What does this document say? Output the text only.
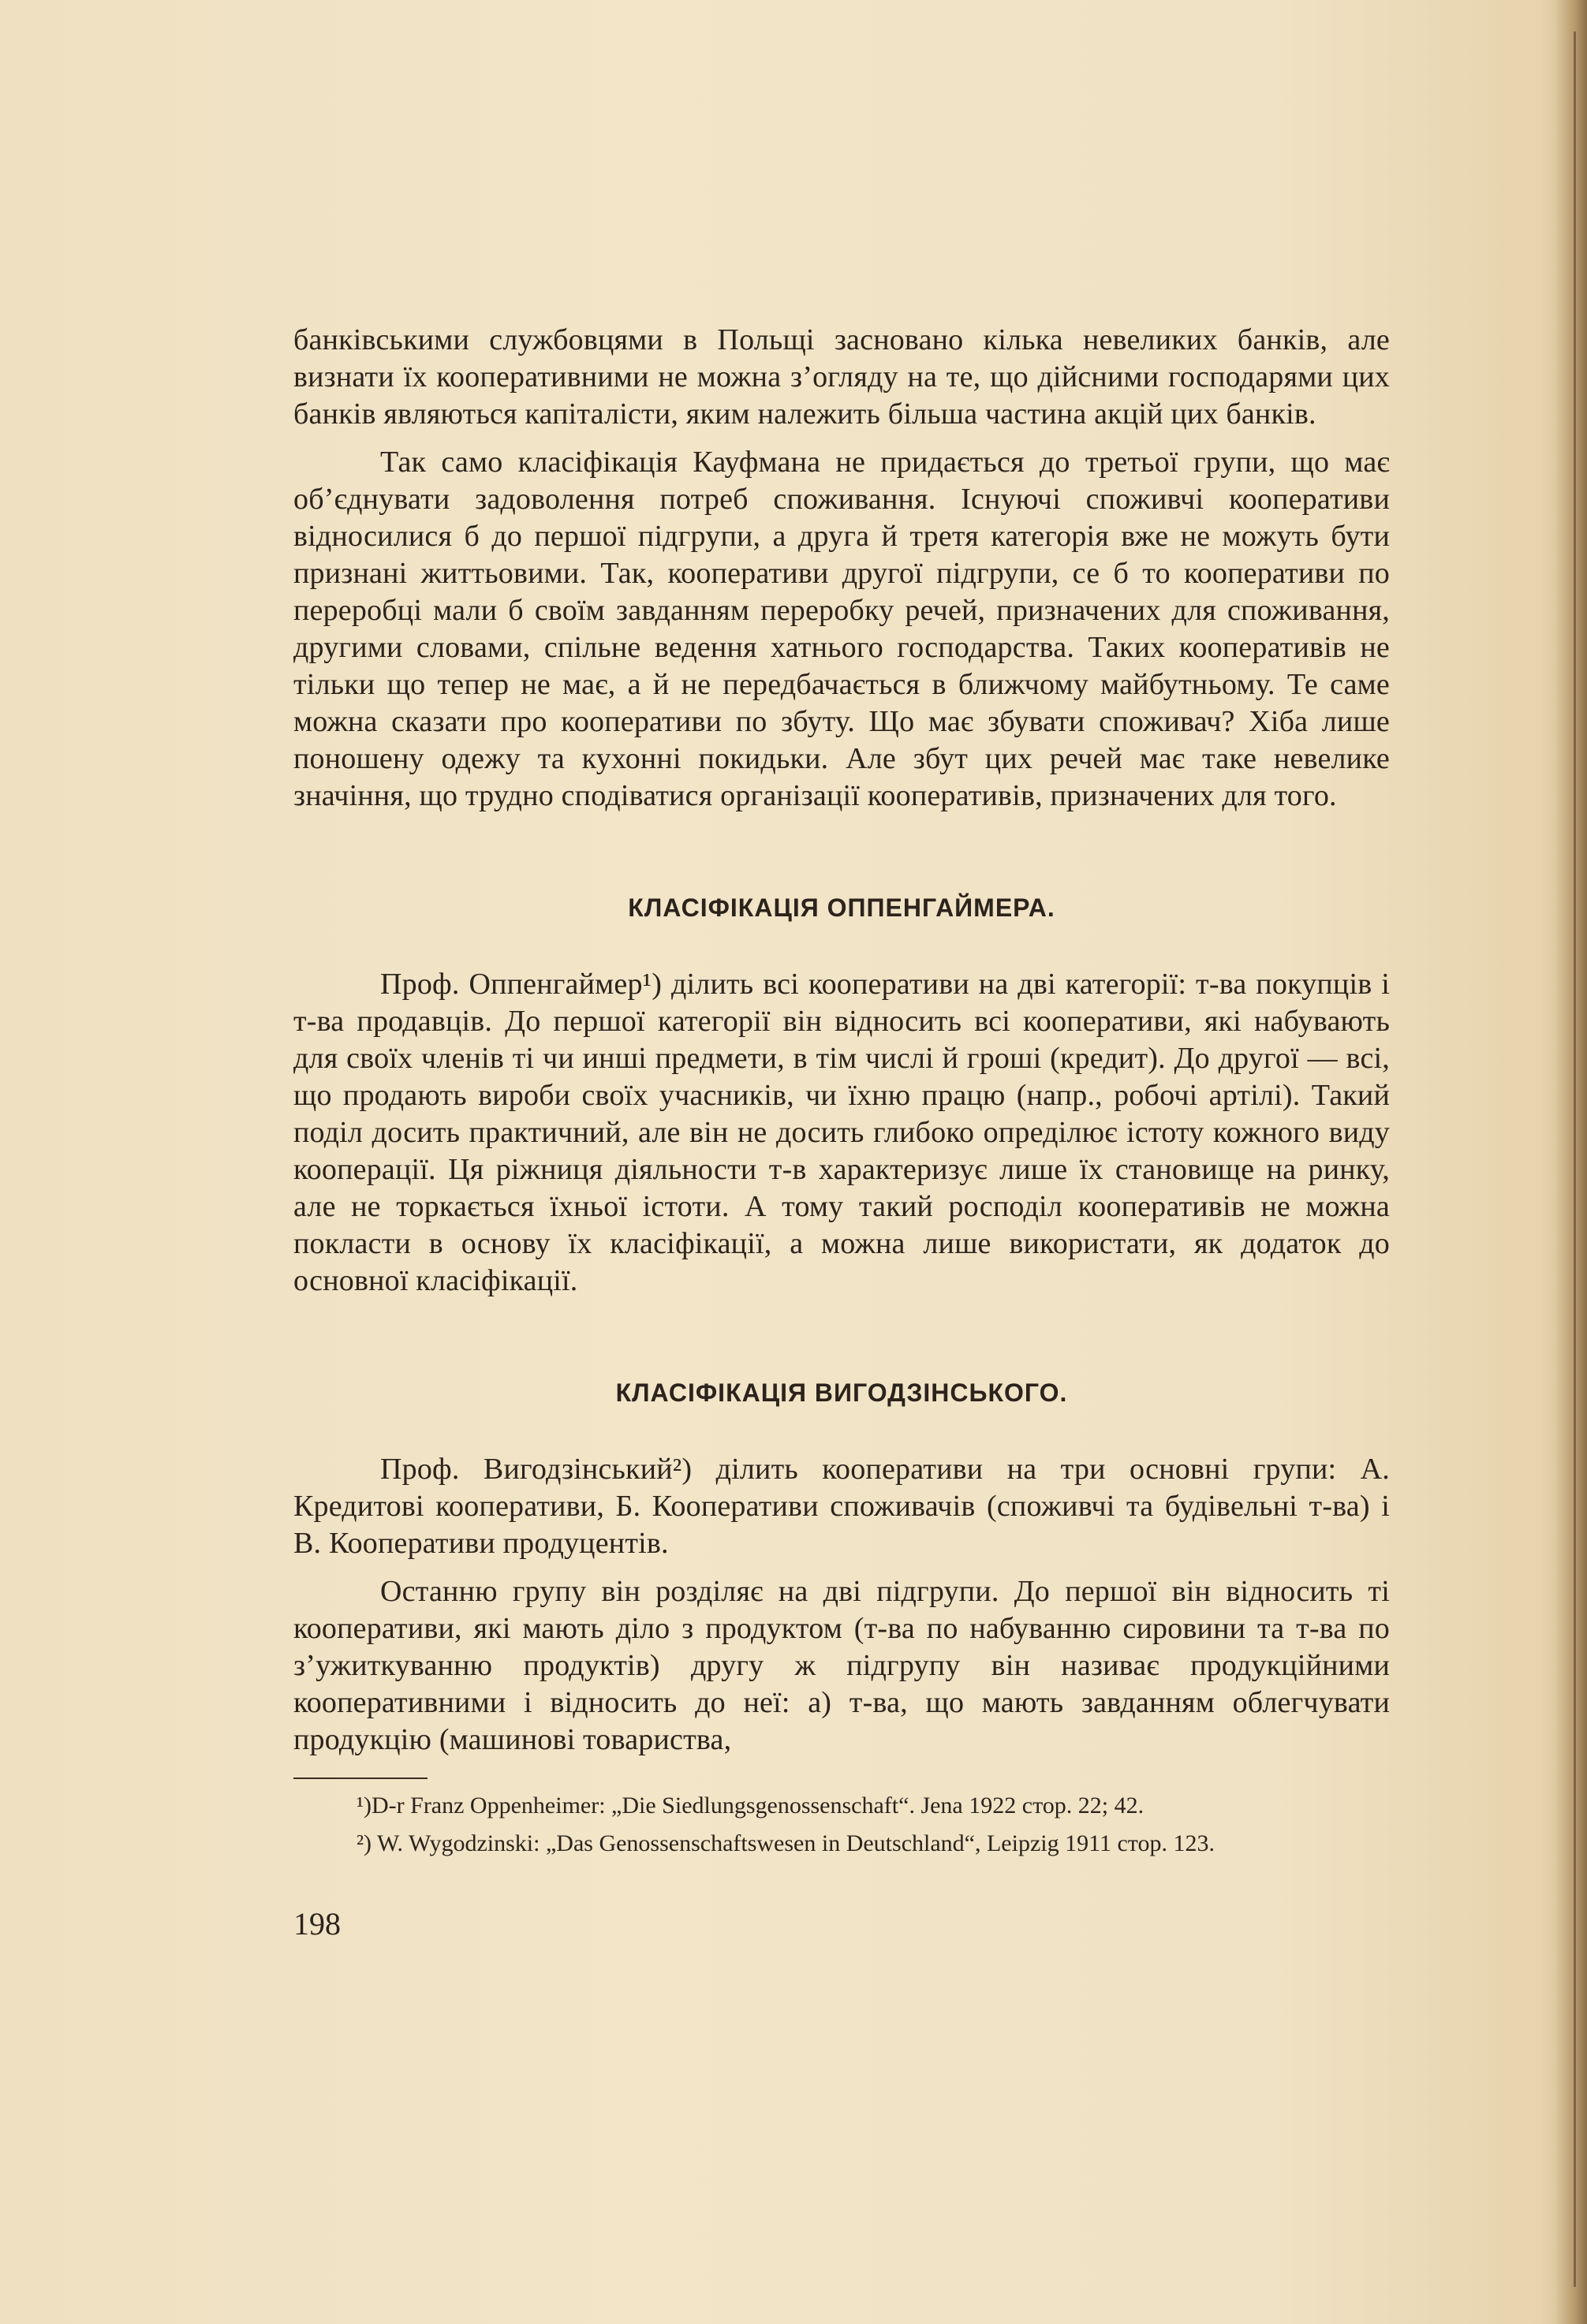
банківськими службовцями в Польщі засновано кілька невеликих банків, але визнати їх кооперативними не можна з’огляду на те, що дійсними господарями цих банків являються капіталісти, яким належить більша частина акцій цих банків.

Так само класіфікація Кауфмана не придається до третьої групи, що має об’єднувати задоволення потреб споживання. Існуючі споживчі кооперативи відносилися б до першої підгрупи, а друга й третя категорія вже не можуть бути признані життьовими. Так, кооперативи другої підгрупи, се б то кооперативи по переробці мали б своїм завданням переробку речей, призначених для споживання, другими словами, спільне ведення хатнього господарства. Таких кооперативів не тільки що тепер не має, а й не передбачається в ближчому майбутньому. Те саме можна сказати про кооперативи по збуту. Що має збувати споживач? Хіба лише поношену одежу та кухонні покидьки. Але збут цих речей має таке невелике значіння, що трудно сподіватися організації кооперативів, призначених для того.

КЛАСІФІКАЦІЯ ОППЕНГАЙМЕРА.

Проф. Оппенгаймер¹) ділить всі кооперативи на дві категорії: т-ва покупців і т-ва продавців. До першої категорії він відносить всі кооперативи, які набувають для своїх членів ті чи инші предмети, в тім числі й гроші (кредит). До другої — всі, що продають вироби своїх учасників, чи їхню працю (напр., робочі артілі). Такий поділ досить практичний, але він не досить глибоко опреділює істоту кожного виду кооперації. Ця ріжниця діяльности т-в характеризує лише їх становище на ринку, але не торкається їхньої істоти. А тому такий росподіл кооперативів не можна покласти в основу їх класіфікації, а можна лише використати, як додаток до основної класіфікації.

КЛАСІФІКАЦІЯ ВИГОДЗІНСЬКОГО.

Проф. Вигодзінський²) ділить кооперативи на три основні групи: А. Кредитові кооперативи, Б. Кооперативи споживачів (споживчі та будівельні т-ва) і В. Кооперативи продуцентів.

Останню групу він розділяє на дві підгрупи. До першої він відносить ті кооперативи, які мають діло з продуктом (т-ва по набуванню сировини та т-ва по з’ужиткуванню продуктів) другу ж підгрупу він називає продукційними кооперативними і відносить до неї: а) т-ва, що мають завданням облегчувати продукцію (машинові товариства,

¹)D-r Franz Oppenheimer: „Die Siedlungsgenossenschaft“. Jena 1922 стор. 22; 42.

²) W. Wygodzinski: „Das Genossenschaftswesen in Deutschland“, Leipzig 1911 стор. 123.

198
